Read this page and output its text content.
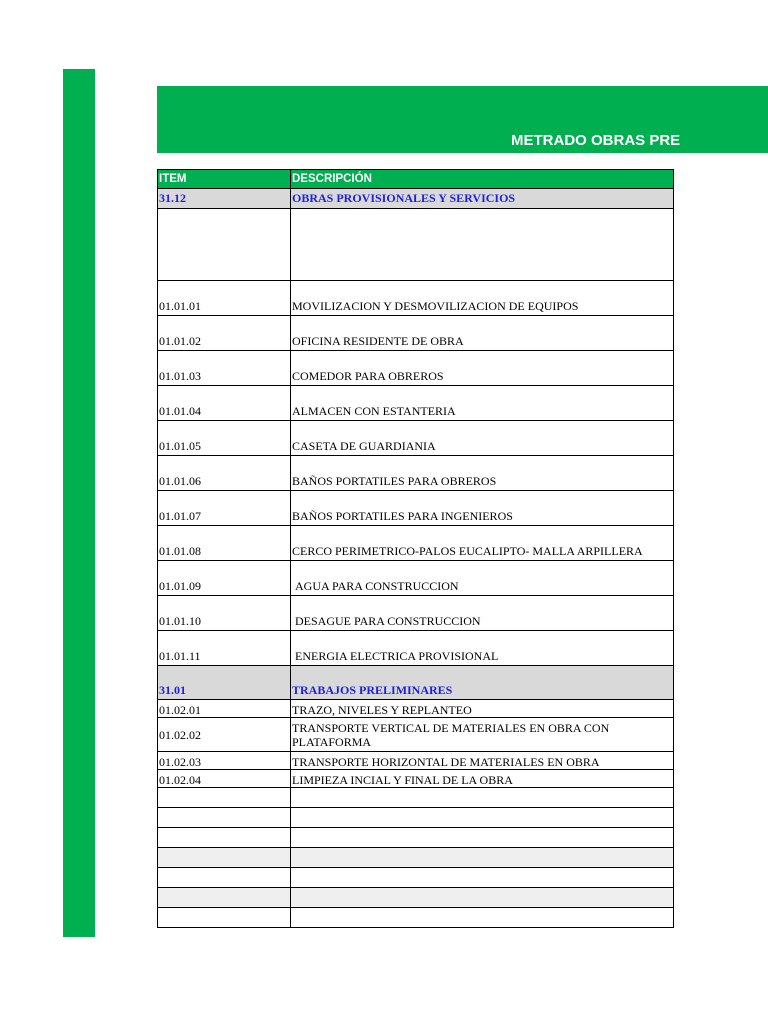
METRADO OBRAS PRE
ITEM	DESCRIPCIÓN
31.12	OBRAS PROVISIONALES Y SERVICIOS

01.01.01	MOVILIZACION Y DESMOVILIZACION DE EQUIPOS
01.01.02	OFICINA RESIDENTE DE OBRA
01.01.03	COMEDOR PARA OBREROS
01.01.04	ALMACEN CON ESTANTERIA
01.01.05	CASETA DE GUARDIANIA
01.01.06	BAÑOS PORTATILES PARA OBREROS
01.01.07	BAÑOS PORTATILES PARA INGENIEROS
01.01.08	CERCO PERIMETRICO-PALOS EUCALIPTO- MALLA ARPILLERA
01.01.09	AGUA PARA CONSTRUCCION
01.01.10	DESAGUE PARA CONSTRUCCION
01.01.11	ENERGIA ELECTRICA PROVISIONAL
31.01	TRABAJOS PRELIMINARES
01.02.01	TRAZO, NIVELES Y REPLANTEO
01.02.02	TRANSPORTE VERTICAL DE MATERIALES EN OBRA CON PLATAFORMA
01.02.03	TRANSPORTE HORIZONTAL DE MATERIALES EN OBRA
01.02.04	LIMPIEZA INCIAL Y FINAL DE LA OBRA
